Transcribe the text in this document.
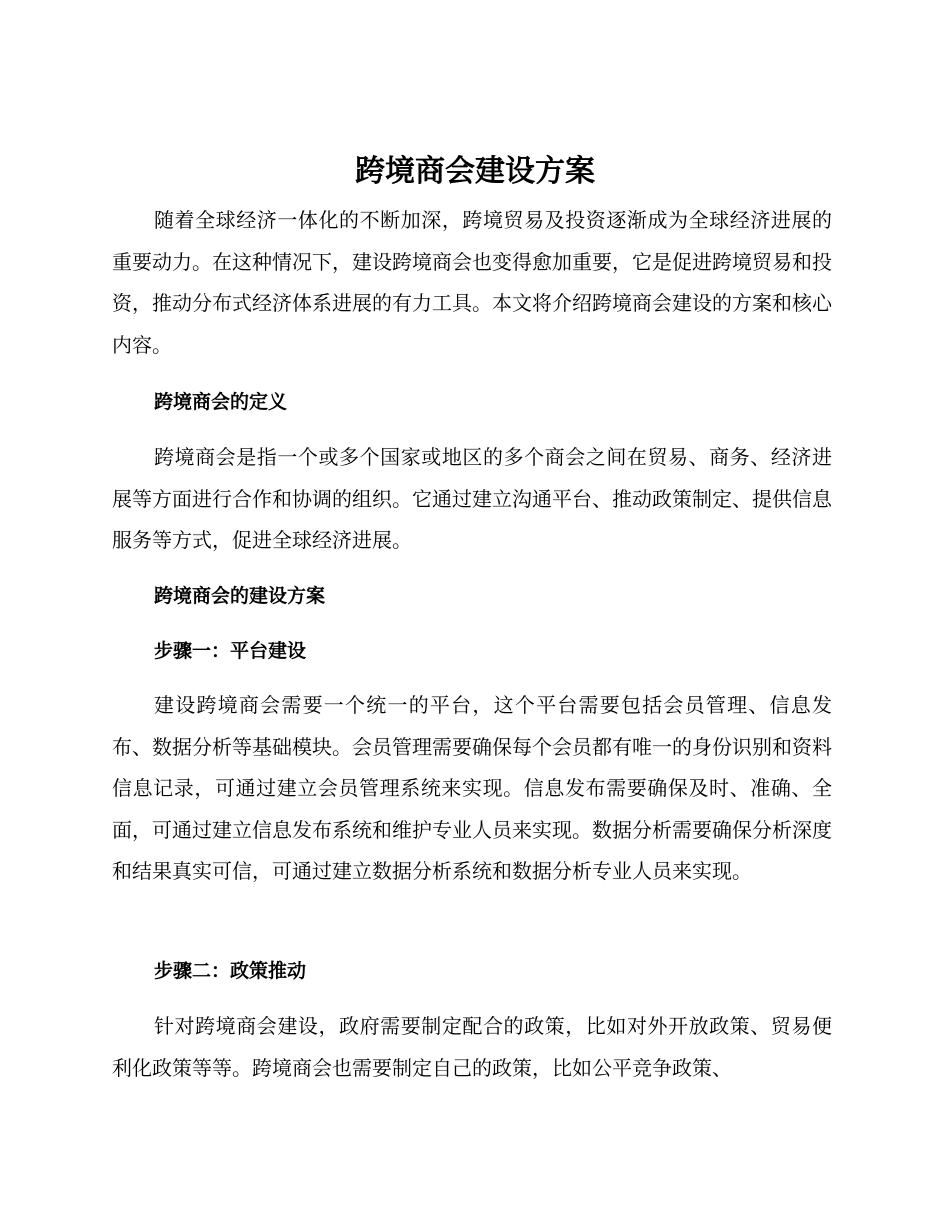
跨境商会建设方案

随着全球经济一体化的不断加深，跨境贸易及投资逐渐成为全球经济进展的重要动力。在这种情况下，建设跨境商会也变得愈加重要，它是促进跨境贸易和投资，推动分布式经济体系进展的有力工具。本文将介绍跨境商会建设的方案和核心内容。

跨境商会的定义

跨境商会是指一个或多个国家或地区的多个商会之间在贸易、商务、经济进展等方面进行合作和协调的组织。它通过建立沟通平台、推动政策制定、提供信息服务等方式，促进全球经济进展。

跨境商会的建设方案
步骤一：平台建设

建设跨境商会需要一个统一的平台，这个平台需要包括会员管理、信息发布、数据分析等基础模块。会员管理需要确保每个会员都有唯一的身份识别和资料信息记录，可通过建立会员管理系统来实现。信息发布需要确保及时、准确、全面，可通过建立信息发布系统和维护专业人员来实现。数据分析需要确保分析深度和结果真实可信，可通过建立数据分析系统和数据分析专业人员来实现。

步骤二：政策推动

针对跨境商会建设，政府需要制定配合的政策，比如对外开放政策、贸易便利化政策等等。跨境商会也需要制定自己的政策，比如公平竞争政策、
